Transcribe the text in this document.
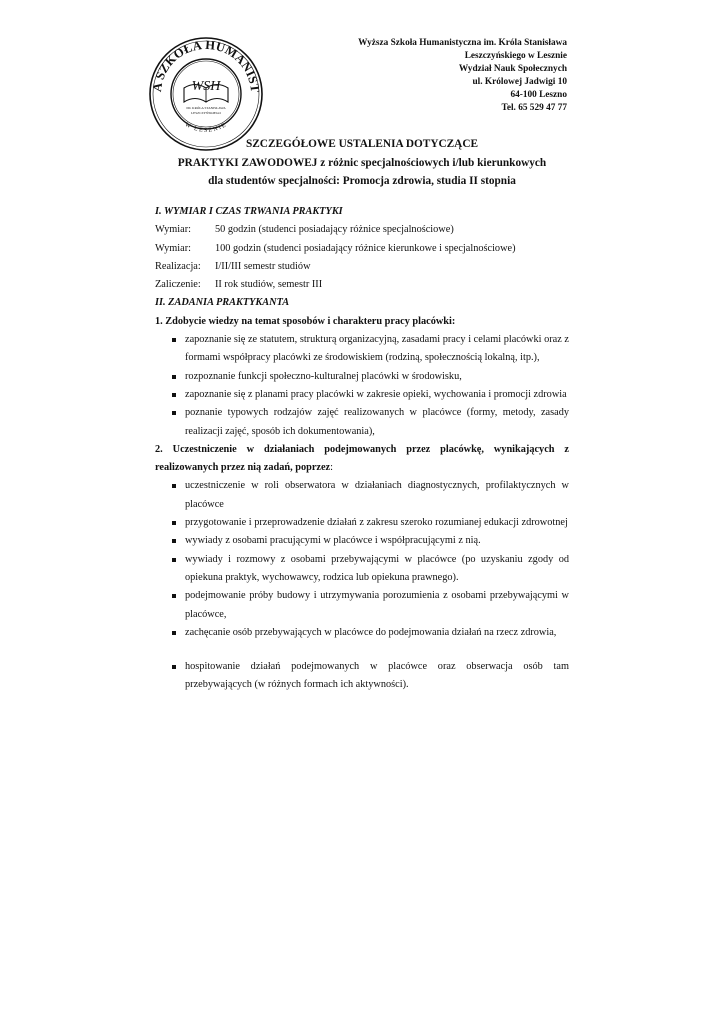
A SZKOŁA HUMANIST
W LESZNIE
WSH
IM. KRÓLA STANISŁAWA
LESZCZYŃSKIEGO
Wyższa Szkoła Humanistyczna im. Króla Stanisława
Leszczyńskiego w Lesznie
Wydział Nauk Społecznych
ul. Królowej Jadwigi 10
64-100 Leszno
Tel. 65 529 47 77
SZCZEGÓŁOWE USTALENIA DOTYCZĄCE
PRAKTYKI ZAWODOWEJ z różnic specjalnościowych i/lub kierunkowych
dla studentów specjalności: Promocja zdrowia, studia II stopnia
I. WYMIAR I CZAS TRWANIA PRAKTYKI
Wymiar:	50 godzin (studenci posiadający różnice specjalnościowe)
Wymiar:	100 godzin (studenci posiadający różnice kierunkowe i specjalnościowe)
Realizacja:	I/II/III semestr studiów
Zaliczenie:	II rok studiów, semestr III
II. ZADANIA PRAKTYKANTA
1. Zdobycie wiedzy na temat sposobów i charakteru pracy placówki:
zapoznanie się ze statutem, strukturą organizacyjną, zasadami pracy i celami placówki oraz z formami współpracy placówki ze środowiskiem (rodziną, społecznością lokalną, itp.),
rozpoznanie funkcji społeczno-kulturalnej placówki w środowisku,
zapoznanie się z planami pracy placówki w zakresie opieki, wychowania i promocji zdrowia
poznanie typowych rodzajów zajęć realizowanych w placówce (formy, metody, zasady realizacji zajęć, sposób ich dokumentowania),
2. Uczestniczenie w działaniach podejmowanych przez placówkę, wynikających z realizowanych przez nią zadań, poprzez:
uczestniczenie w roli obserwatora w działaniach diagnostycznych, profilaktycznych w placówce
przygotowanie i przeprowadzenie działań z zakresu szeroko rozumianej edukacji zdrowotnej
wywiady z osobami pracującymi w placówce i współpracującymi z nią.
wywiady i rozmowy z osobami przebywającymi w placówce (po uzyskaniu zgody od opiekuna praktyk, wychowawcy, rodzica lub opiekuna prawnego).
podejmowanie próby budowy i utrzymywania porozumienia z osobami przebywającymi w placówce,
zachęcanie osób przebywających w placówce do podejmowania działań na rzecz zdrowia,
hospitowanie działań podejmowanych w placówce oraz obserwacja osób tam przebywających (w różnych formach ich aktywności).
